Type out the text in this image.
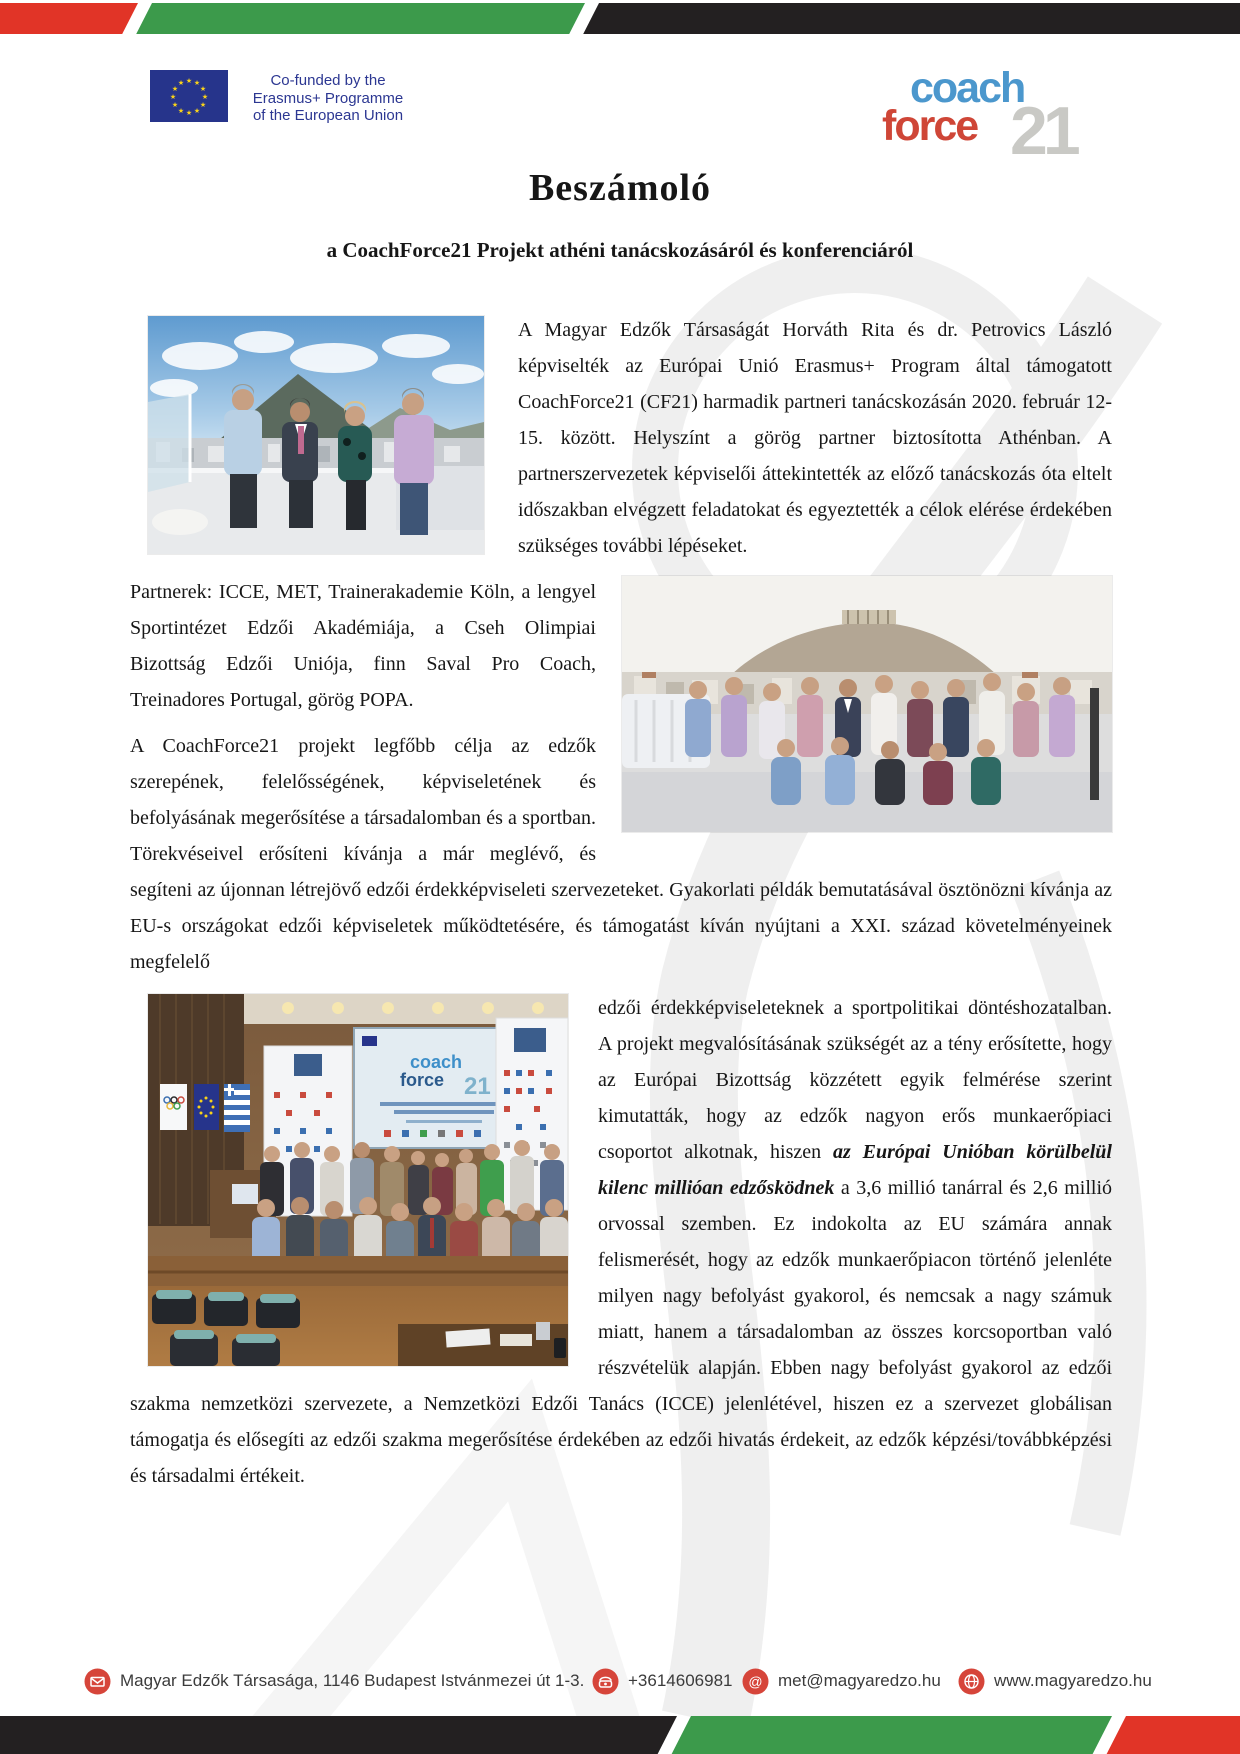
★ ★
★
★
★
★
★
★
★
★
★
★	Co-funded by the
Erasmus+ Programme
of the European Union
coach
force 21
Beszámoló
a CoachForce21 Projekt athéni tanácskozásáról és konferenciáról

A Magyar Edzők Társaságát Horváth Rita és dr. Petrovics László képviselték az Európai Unió Erasmus+ Program által támogatott CoachForce21 (CF21) harmadik partneri tanácskozásán 2020. február 12-15. között. Helyszínt a görög partner biztosította Athénban. A partnerszervezetek képviselői áttekintették az előző tanácskozás óta eltelt időszakban elvégzett feladatokat és egyeztették a célok elérése érdekében szükséges további lépéseket.

Partnerek: ICCE, MET, Trainerakademie Köln, a lengyel Sportintézet Edzői Akadémiája, a Cseh Olimpiai Bizottság Edzői Uniója, finn Saval Pro Coach, Treinadores Portugal, görög POPA.

A CoachForce21 projekt legfőbb célja az edzők szerepének, felelősségének, képviseletének és befolyásának megerősítése a társadalomban és a sportban. Törekvéseivel erősíteni kívánja a már meglévő, és segíteni az újonnan létrejövő edzői érdekképviseleti szervezeteket. Gyakorlati példák bemutatásával ösztönözni kívánja az EU-s országokat edzői képviseletek működtetésére, és támogatást kíván nyújtani a XXI. század követelményeinek megfelelő

coach
force 21
edzői érdekképviseleteknek a sportpolitikai döntéshozatalban. A projekt megvalósításának szükségét az a tény erősítette, hogy az Európai Bizottság közzétett egyik felmérése szerint kimutatták, hogy az edzők nagyon erős munkaerőpiaci csoportot alkotnak, hiszen az Európai Unióban körülbelül kilenc millióan edzősködnek a 3,6 millió tanárral és 2,6 millió orvossal szemben. Ez indokolta az EU számára annak felismerését, hogy az edzők munkaerőpiacon történő jelenléte milyen nagy befolyást gyakorol, és nemcsak a nagy számuk miatt, hanem a társadalomban az összes korcsoportban való részvételük alapján. Ebben nagy befolyást gyakorol az edzői szakma nemzetközi szervezete, a Nemzetközi Edzői Tanács (ICCE) jelenlétével, hiszen ez a szervezet globálisan támogatja és elősegíti az edzői szakma megerősítése érdekében az edzői hivatás érdekeit, az edzők képzési/továbbképzési és társadalmi értékeit.

Magyar Edzők Társasága, 1146 Budapest Istvánmezei út 1-3.	+3614606981 @ met@magyaredzo.hu	www.magyaredzo.hu
